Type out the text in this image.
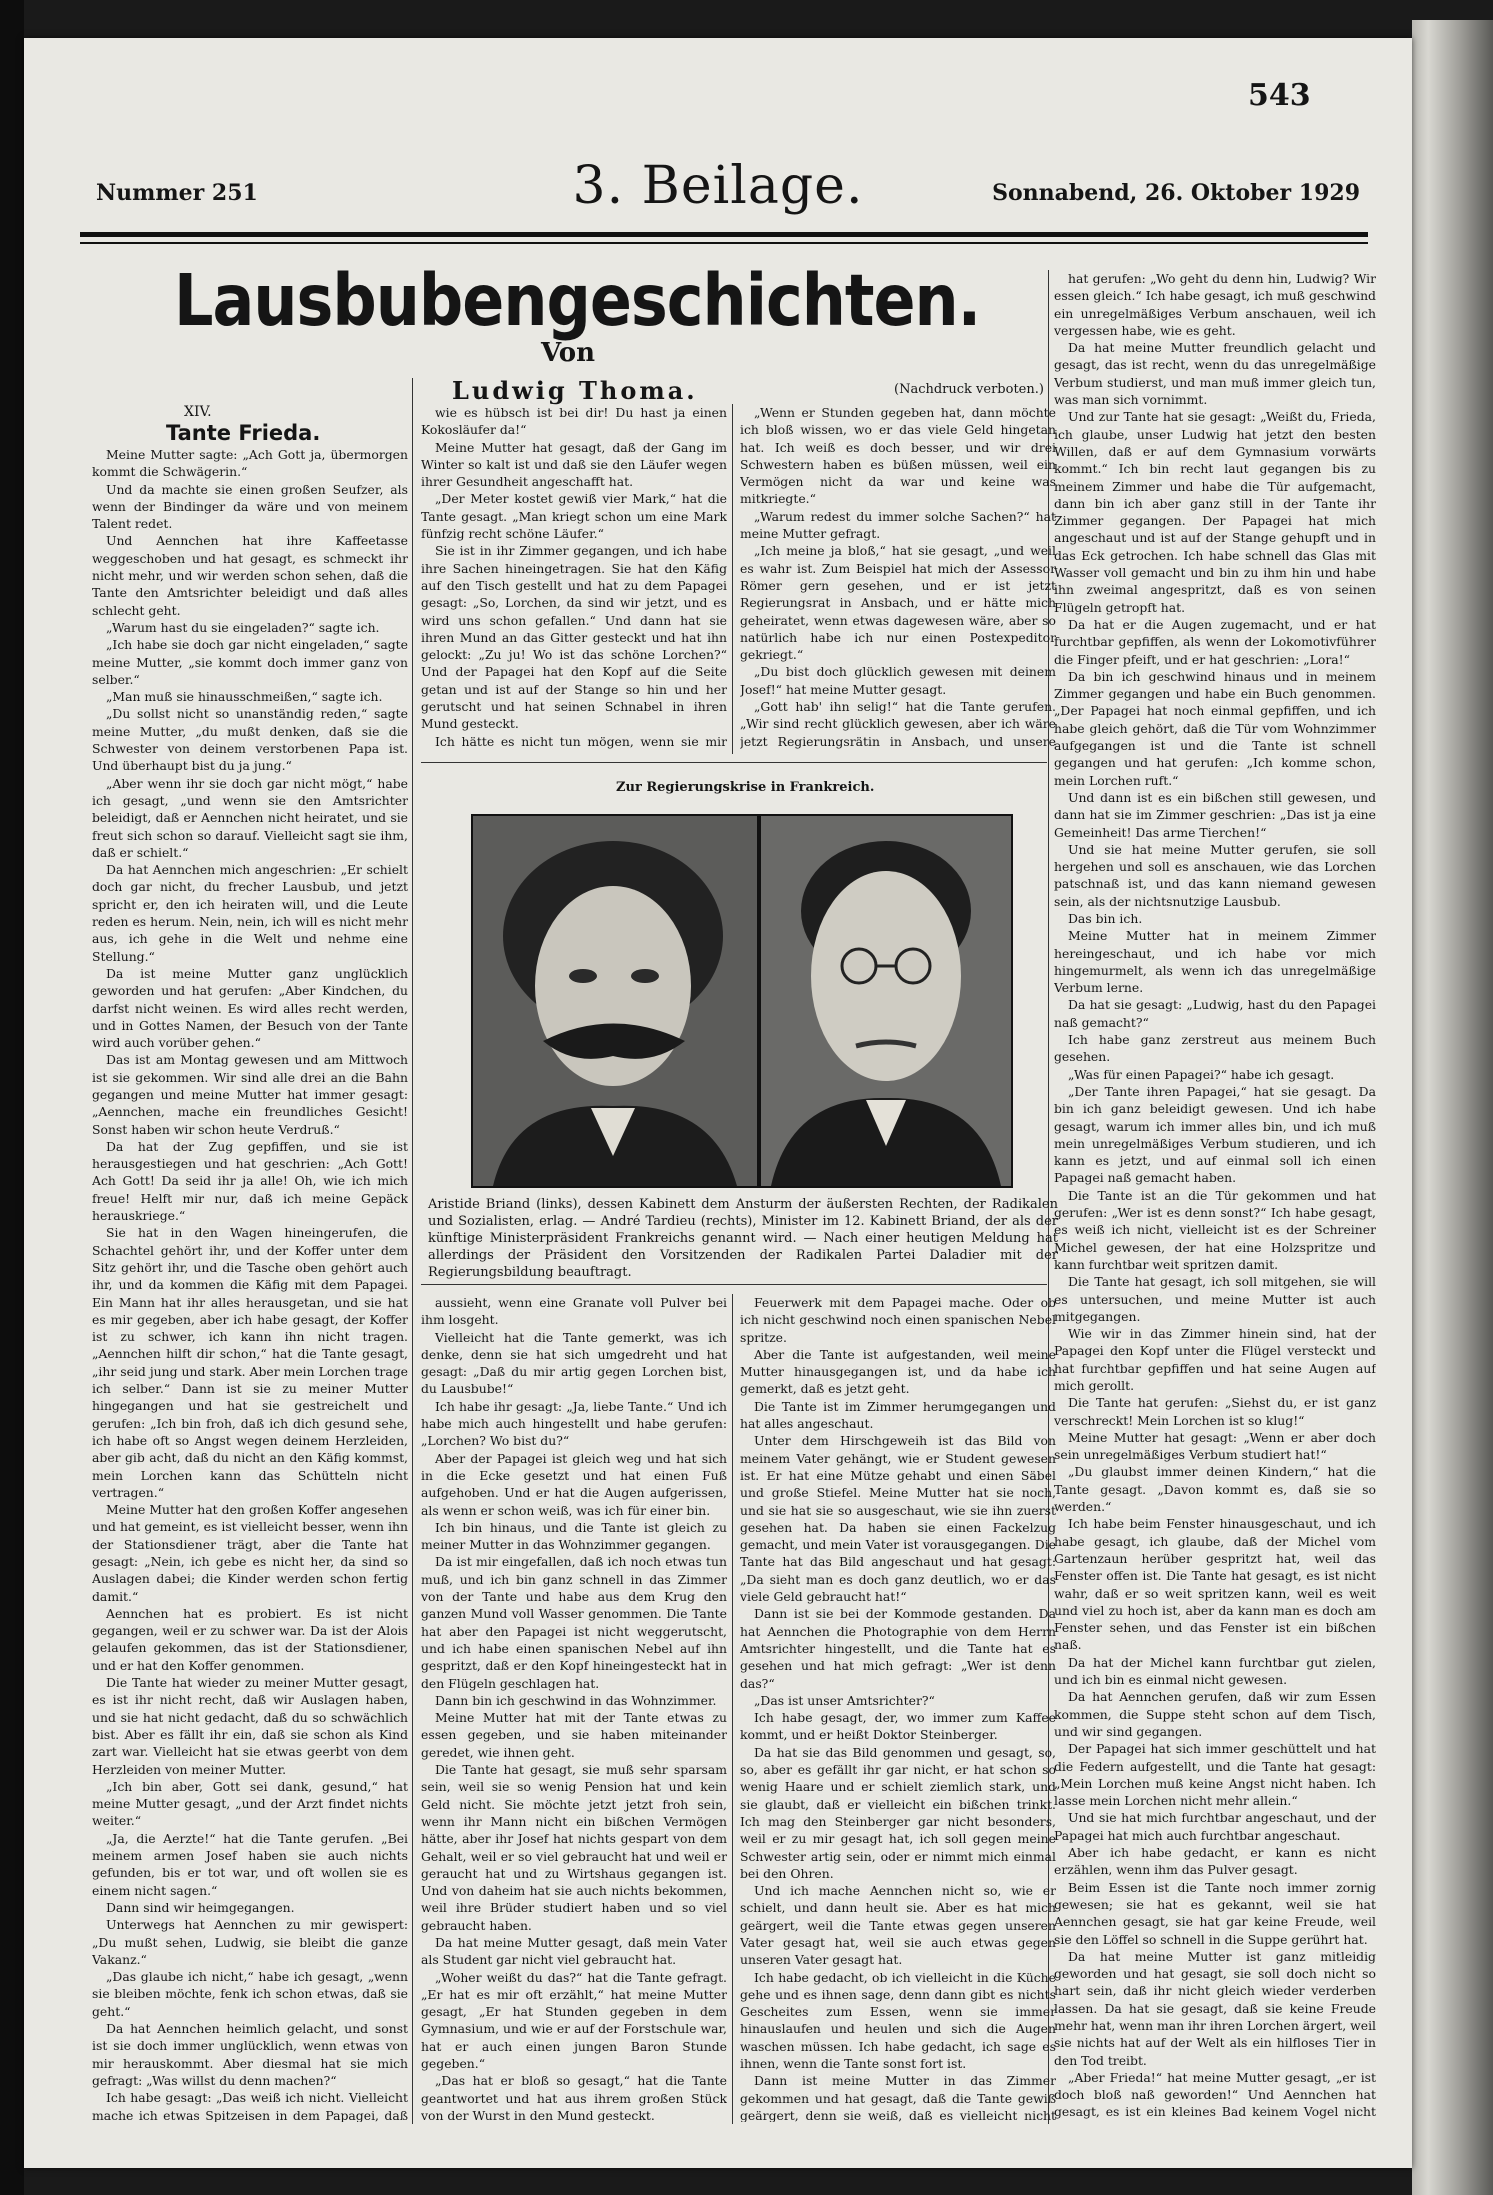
543
Nummer 251	3. Beilage.	Sonnabend, 26. Oktober 1929
Lausbubengeschichten.
Von
Ludwig Thoma.	(Nachdruck verboten.)
XIV.
Tante Frieda.

Meine Mutter sagte: „Ach Gott ja, übermorgen kommt die Schwägerin.“

Und da machte sie einen großen Seufzer, als wenn der Bindinger da wäre und von meinem Talent redet.

Und Aennchen hat ihre Kaffeetasse weggeschoben und hat gesagt, es schmeckt ihr nicht mehr, und wir werden schon sehen, daß die Tante den Amtsrichter beleidigt und daß alles schlecht geht.

„Warum hast du sie eingeladen?“ sagte ich.

„Ich habe sie doch gar nicht eingeladen,“ sagte meine Mutter, „sie kommt doch immer ganz von selber.“

„Man muß sie hinausschmeißen,“ sagte ich.

„Du sollst nicht so unanständig reden,“ sagte meine Mutter, „du mußt denken, daß sie die Schwester von deinem verstorbenen Papa ist. Und überhaupt bist du ja jung.“

„Aber wenn ihr sie doch gar nicht mögt,“ habe ich gesagt, „und wenn sie den Amtsrichter beleidigt, daß er Aennchen nicht heiratet, und sie freut sich schon so darauf. Vielleicht sagt sie ihm, daß er schielt.“

Da hat Aennchen mich angeschrien: „Er schielt doch gar nicht, du frecher Lausbub, und jetzt spricht er, den ich heiraten will, und die Leute reden es herum. Nein, nein, ich will es nicht mehr aus, ich gehe in die Welt und nehme eine Stellung.“

Da ist meine Mutter ganz unglücklich geworden und hat gerufen: „Aber Kindchen, du darfst nicht weinen. Es wird alles recht werden, und in Gottes Namen, der Besuch von der Tante wird auch vorüber gehen.“

Das ist am Montag gewesen und am Mittwoch ist sie gekommen. Wir sind alle drei an die Bahn gegangen und meine Mutter hat immer gesagt: „Aennchen, mache ein freundliches Gesicht! Sonst haben wir schon heute Verdruß.“

Da hat der Zug gepfiffen, und sie ist herausgestiegen und hat geschrien: „Ach Gott! Ach Gott! Da seid ihr ja alle! Oh, wie ich mich freue! Helft mir nur, daß ich meine Gepäck herauskriege.“

Sie hat in den Wagen hineingerufen, die Schachtel gehört ihr, und der Koffer unter dem Sitz gehört ihr, und die Tasche oben gehört auch ihr, und da kommen die Käfig mit dem Papagei. Ein Mann hat ihr alles herausgetan, und sie hat es mir gegeben, aber ich habe gesagt, der Koffer ist zu schwer, ich kann ihn nicht tragen. „Aennchen hilft dir schon,“ hat die Tante gesagt, „ihr seid jung und stark. Aber mein Lorchen trage ich selber.“ Dann ist sie zu meiner Mutter hingegangen und hat sie gestreichelt und gerufen: „Ich bin froh, daß ich dich gesund sehe, ich habe oft so Angst wegen deinem Herzleiden, aber gib acht, daß du nicht an den Käfig kommst, mein Lorchen kann das Schütteln nicht vertragen.“

Meine Mutter hat den großen Koffer angesehen und hat gemeint, es ist vielleicht besser, wenn ihn der Stationsdiener trägt, aber die Tante hat gesagt: „Nein, ich gebe es nicht her, da sind so Auslagen dabei; die Kinder werden schon fertig damit.“

Aennchen hat es probiert. Es ist nicht gegangen, weil er zu schwer war. Da ist der Alois gelaufen gekommen, das ist der Stationsdiener, und er hat den Koffer genommen.

Die Tante hat wieder zu meiner Mutter gesagt, es ist ihr nicht recht, daß wir Auslagen haben, und sie hat nicht gedacht, daß du so schwächlich bist. Aber es fällt ihr ein, daß sie schon als Kind zart war. Vielleicht hat sie etwas geerbt von dem Herzleiden von meiner Mutter.

„Ich bin aber, Gott sei dank, gesund,“ hat meine Mutter gesagt, „und der Arzt findet nichts weiter.“

„Ja, die Aerzte!“ hat die Tante gerufen. „Bei meinem armen Josef haben sie auch nichts gefunden, bis er tot war, und oft wollen sie es einem nicht sagen.“

Dann sind wir heimgegangen.

Unterwegs hat Aennchen zu mir gewispert: „Du mußt sehen, Ludwig, sie bleibt die ganze Vakanz.“

„Das glaube ich nicht,“ habe ich gesagt, „wenn sie bleiben möchte, fenk ich schon etwas, daß sie geht.“

Da hat Aennchen heimlich gelacht, und sonst ist sie doch immer unglücklich, wenn etwas von mir herauskommt. Aber diesmal hat sie mich gefragt: „Was willst du denn machen?“

Ich habe gesagt: „Das weiß ich nicht. Vielleicht mache ich etwas Spitzeisen in dem Papagei, daß

wie es hübsch ist bei dir! Du hast ja einen Kokosläufer da!“

Meine Mutter hat gesagt, daß der Gang im Winter so kalt ist und daß sie den Läufer wegen ihrer Gesundheit angeschafft hat.

„Der Meter kostet gewiß vier Mark,“ hat die Tante gesagt. „Man kriegt schon um eine Mark fünfzig recht schöne Läufer.“

Sie ist in ihr Zimmer gegangen, und ich habe ihre Sachen hineingetragen. Sie hat den Käfig auf den Tisch gestellt und hat zu dem Papagei gesagt: „So, Lorchen, da sind wir jetzt, und es wird uns schon gefallen.“ Und dann hat sie ihren Mund an das Gitter gesteckt und hat ihn gelockt: „Zu ju! Wo ist das schöne Lorchen?“ Und der Papagei hat den Kopf auf die Seite getan und ist auf der Stange so hin und her gerutscht und hat seinen Schnabel in ihren Mund gesteckt.

Ich hätte es nicht tun mögen, wenn sie mir

„Wenn er Stunden gegeben hat, dann möchte ich bloß wissen, wo er das viele Geld hingetan hat. Ich weiß es doch besser, und wir drei Schwestern haben es büßen müssen, weil ein Vermögen nicht da war und keine was mitkriegte.“

„Warum redest du immer solche Sachen?“ hat meine Mutter gefragt.

„Ich meine ja bloß,“ hat sie gesagt, „und weil es wahr ist. Zum Beispiel hat mich der Assessor Römer gern gesehen, und er ist jetzt Regierungsrat in Ansbach, und er hätte mich geheiratet, wenn etwas dagewesen wäre, aber so natürlich habe ich nur einen Postexpeditor gekriegt.“

„Du bist doch glücklich gewesen mit deinem Josef!“ hat meine Mutter gesagt.

„Gott hab' ihn selig!“ hat die Tante gerufen. „Wir sind recht glücklich gewesen, aber ich wäre jetzt Regierungsrätin in Ansbach, und unsere

hat gerufen: „Wo geht du denn hin, Ludwig? Wir essen gleich.“ Ich habe gesagt, ich muß geschwind ein unregelmäßiges Verbum anschauen, weil ich vergessen habe, wie es geht.

Da hat meine Mutter freundlich gelacht und gesagt, das ist recht, wenn du das unregelmäßige Verbum studierst, und man muß immer gleich tun, was man sich vornimmt.

Und zur Tante hat sie gesagt: „Weißt du, Frieda, ich glaube, unser Ludwig hat jetzt den besten Willen, daß er auf dem Gymnasium vorwärts kommt.“ Ich bin recht laut gegangen bis zu meinem Zimmer und habe die Tür aufgemacht, dann bin ich aber ganz still in der Tante ihr Zimmer gegangen. Der Papagei hat mich angeschaut und ist auf der Stange gehupft und in das Eck getrochen. Ich habe schnell das Glas mit Wasser voll gemacht und bin zu ihm hin und habe ihn zweimal angespritzt, daß es von seinen Flügeln getropft hat.

Da hat er die Augen zugemacht, und er hat furchtbar gepfiffen, als wenn der Lokomotivführer die Finger pfeift, und er hat geschrien: „Lora!“

Da bin ich geschwind hinaus und in meinem Zimmer gegangen und habe ein Buch genommen. „Der Papagei hat noch einmal gepfiffen, und ich habe gleich gehört, daß die Tür vom Wohnzimmer aufgegangen ist und die Tante ist schnell gegangen und hat gerufen: „Ich komme schon, mein Lorchen ruft.“

Und dann ist es ein bißchen still gewesen, und dann hat sie im Zimmer geschrien: „Das ist ja eine Gemeinheit! Das arme Tierchen!“

Und sie hat meine Mutter gerufen, sie soll hergehen und soll es anschauen, wie das Lorchen patschnaß ist, und das kann niemand gewesen sein, als der nichtsnutzige Lausbub.

Das bin ich.

Meine Mutter hat in meinem Zimmer hereingeschaut, und ich habe vor mich hingemurmelt, als wenn ich das unregelmäßige Verbum lerne.

Da hat sie gesagt: „Ludwig, hast du den Papagei naß gemacht?“

Ich habe ganz zerstreut aus meinem Buch gesehen.

„Was für einen Papagei?“ habe ich gesagt.

„Der Tante ihren Papagei,“ hat sie gesagt. Da bin ich ganz beleidigt gewesen. Und ich habe gesagt, warum ich immer alles bin, und ich muß mein unregelmäßiges Verbum studieren, und ich kann es jetzt, und auf einmal soll ich einen Papagei naß gemacht haben.

Die Tante ist an die Tür gekommen und hat gerufen: „Wer ist es denn sonst?“ Ich habe gesagt, es weiß ich nicht, vielleicht ist es der Schreiner Michel gewesen, der hat eine Holzspritze und kann furchtbar weit spritzen damit.

Die Tante hat gesagt, ich soll mitgehen, sie will es untersuchen, und meine Mutter ist auch mitgegangen.

Wie wir in das Zimmer hinein sind, hat der Papagei den Kopf unter die Flügel versteckt und hat furchtbar gepfiffen und hat seine Augen auf mich gerollt.

Die Tante hat gerufen: „Siehst du, er ist ganz verschreckt! Mein Lorchen ist so klug!“

Meine Mutter hat gesagt: „Wenn er aber doch sein unregelmäßiges Verbum studiert hat!“

„Du glaubst immer deinen Kindern,“ hat die Tante gesagt. „Davon kommt es, daß sie so werden.“

Ich habe beim Fenster hinausgeschaut, und ich habe gesagt, ich glaube, daß der Michel vom Gartenzaun herüber gespritzt hat, weil das Fenster offen ist. Die Tante hat gesagt, es ist nicht wahr, daß er so weit spritzen kann, weil es weit und viel zu hoch ist, aber da kann man es doch am Fenster sehen, und das Fenster ist ein bißchen naß.

Da hat der Michel kann furchtbar gut zielen, und ich bin es einmal nicht gewesen.

Da hat Aennchen gerufen, daß wir zum Essen kommen, die Suppe steht schon auf dem Tisch, und wir sind gegangen.

Der Papagei hat sich immer geschüttelt und hat die Federn aufgestellt, und die Tante hat gesagt: „Mein Lorchen muß keine Angst nicht haben. Ich lasse mein Lorchen nicht mehr allein.“

Und sie hat mich furchtbar angeschaut, und der Papagei hat mich auch furchtbar angeschaut.

Aber ich habe gedacht, er kann es nicht erzählen, wenn ihm das Pulver gesagt.

Beim Essen ist die Tante noch immer zornig gewesen; sie hat es gekannt, weil sie hat Aennchen gesagt, sie hat gar keine Freude, weil sie den Löffel so schnell in die Suppe gerührt hat.

Da hat meine Mutter ist ganz mitleidig geworden und hat gesagt, sie soll doch nicht so hart sein, daß ihr nicht gleich wieder verderben lassen. Da hat sie gesagt, daß sie keine Freude mehr hat, wenn man ihr ihren Lorchen ärgert, weil sie nichts hat auf der Welt als ein hilfloses Tier in den Tod treibt.

„Aber Frieda!“ hat meine Mutter gesagt, „er ist doch bloß naß geworden!“ Und Aennchen hat gesagt, es ist ein kleines Bad keinem Vogel nicht

aussieht, wenn eine Granate voll Pulver bei ihm losgeht.

Vielleicht hat die Tante gemerkt, was ich denke, denn sie hat sich umgedreht und hat gesagt: „Daß du mir artig gegen Lorchen bist, du Lausbube!“

Ich habe ihr gesagt: „Ja, liebe Tante.“ Und ich habe mich auch hingestellt und habe gerufen: „Lorchen? Wo bist du?“

Aber der Papagei ist gleich weg und hat sich in die Ecke gesetzt und hat einen Fuß aufgehoben. Und er hat die Augen aufgerissen, als wenn er schon weiß, was ich für einer bin.

Ich bin hinaus, und die Tante ist gleich zu meiner Mutter in das Wohnzimmer gegangen.

Da ist mir eingefallen, daß ich noch etwas tun muß, und ich bin ganz schnell in das Zimmer von der Tante und habe aus dem Krug den ganzen Mund voll Wasser genommen. Die Tante hat aber den Papagei ist nicht weggerutscht, und ich habe einen spanischen Nebel auf ihn gespritzt, daß er den Kopf hineingesteckt hat in den Flügeln geschlagen hat.

Dann bin ich geschwind in das Wohnzimmer.

Meine Mutter hat mit der Tante etwas zu essen gegeben, und sie haben miteinander geredet, wie ihnen geht.

Die Tante hat gesagt, sie muß sehr sparsam sein, weil sie so wenig Pension hat und kein Geld nicht. Sie möchte jetzt jetzt froh sein, wenn ihr Mann nicht ein bißchen Vermögen hätte, aber ihr Josef hat nichts gespart von dem Gehalt, weil er so viel gebraucht hat und weil er geraucht hat und zu Wirtshaus gegangen ist. Und von daheim hat sie auch nichts bekommen, weil ihre Brüder studiert haben und so viel gebraucht haben.

Da hat meine Mutter gesagt, daß mein Vater als Student gar nicht viel gebraucht hat.

„Woher weißt du das?“ hat die Tante gefragt. „Er hat es mir oft erzählt,“ hat meine Mutter gesagt, „Er hat Stunden gegeben in dem Gymnasium, und wie er auf der Forstschule war, hat er auch einen jungen Baron Stunde gegeben.“

„Das hat er bloß so gesagt,“ hat die Tante geantwortet und hat aus ihrem großen Stück von der Wurst in den Mund gesteckt.

Feuerwerk mit dem Papagei mache. Oder ob ich nicht geschwind noch einen spanischen Nebel spritze.

Aber die Tante ist aufgestanden, weil meine Mutter hinausgegangen ist, und da habe ich gemerkt, daß es jetzt geht.

Die Tante ist im Zimmer herumgegangen und hat alles angeschaut.

Unter dem Hirschgeweih ist das Bild von meinem Vater gehängt, wie er Student gewesen ist. Er hat eine Mütze gehabt und einen Säbel und große Stiefel. Meine Mutter hat sie noch, und sie hat sie so ausgeschaut, wie sie ihn zuerst gesehen hat. Da haben sie einen Fackelzug gemacht, und mein Vater ist vorausgegangen. Die Tante hat das Bild angeschaut und hat gesagt: „Da sieht man es doch ganz deutlich, wo er das viele Geld gebraucht hat!“

Dann ist sie bei der Kommode gestanden. Da hat Aennchen die Photographie von dem Herrn Amtsrichter hingestellt, und die Tante hat es gesehen und hat mich gefragt: „Wer ist denn das?“

„Das ist unser Amtsrichter?“

Ich habe gesagt, der, wo immer zum Kaffee kommt, und er heißt Doktor Steinberger.

Da hat sie das Bild genommen und gesagt, so, so, aber es gefällt ihr gar nicht, er hat schon so wenig Haare und er schielt ziemlich stark, und sie glaubt, daß er vielleicht ein bißchen trinkt. Ich mag den Steinberger gar nicht besonders, weil er zu mir gesagt hat, ich soll gegen meine Schwester artig sein, oder er nimmt mich einmal bei den Ohren.

Und ich mache Aennchen nicht so, wie er schielt, und dann heult sie. Aber es hat mich geärgert, weil die Tante etwas gegen unseren Vater gesagt hat, weil sie auch etwas gegen unseren Vater gesagt hat.

Ich habe gedacht, ob ich vielleicht in die Küche gehe und es ihnen sage, denn dann gibt es nichts Gescheites zum Essen, wenn sie immer hinauslaufen und heulen und sich die Augen waschen müssen. Ich habe gedacht, ich sage es ihnen, wenn die Tante sonst fort ist.

Dann ist meine Mutter in das Zimmer gekommen und hat gesagt, daß die Tante gewiß geärgert, denn sie weiß, daß es vielleicht nicht

Zur Regierungskrise in Frankreich.
Aristide Briand (links), dessen Kabinett dem Ansturm der äußersten Rechten, der Radikalen und Sozialisten, erlag. — André Tardieu (rechts), Minister im 12. Kabinett Briand, der als der künftige Ministerpräsident Frankreichs genannt wird. — Nach einer heutigen Meldung hat allerdings der Präsident den Vorsitzenden der Radikalen Partei Daladier mit der Regierungsbildung beauftragt.
